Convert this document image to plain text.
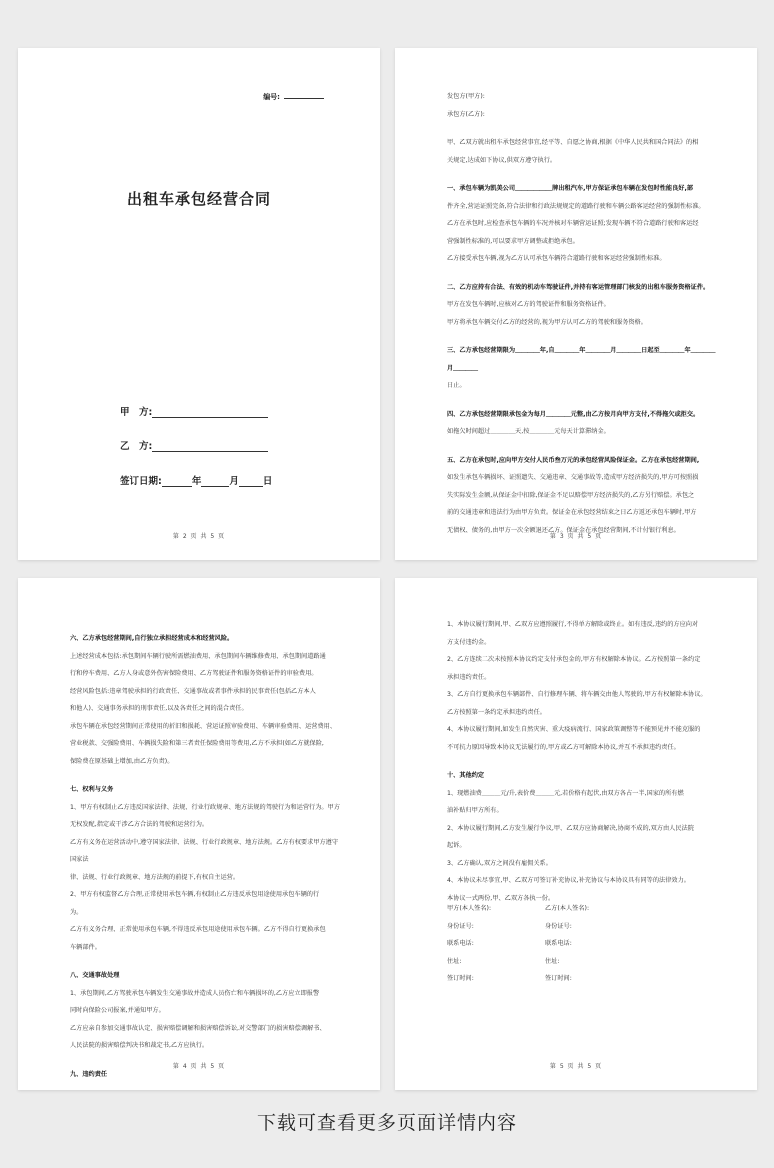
编号:
出租车承包经营合同
甲　方:
乙　方:
签订日期:	年	月	日
第 2 页 共 5 页

发包方(甲方):

承包方(乙方):

甲、乙双方就出租车承包经营事宜,经平等、自愿之协商,根据《中华人民共和国合同法》的相

关规定,达成如下协议,供双方遵守执行。

一、承包车辆为凯美公司＿＿＿＿＿＿牌出租汽车,甲方保证承包车辆在发包时性能良好,部

件齐全,营运证照完备,符合法律和行政法规规定的道路行驶和车辆公路客运经营的强制性标准。

乙方在承包时,应检查承包车辆的车况并核对车辆营运证照;发现车辆不符合道路行驶和客运经

营强制性标准的,可以要求甲方调整或拒绝承包。

乙方接受承包车辆,视为乙方认可承包车辆符合道路行驶和客运经营强制性标准。

二、乙方应持有合法、有效的机动车驾驶证件,并持有客运管理部门核发的出租车服务资格证件。

甲方在发包车辆时,应核对乙方的驾驶证件和服务资格证件。

甲方将承包车辆交付乙方的经营的,视为甲方认可乙方的驾驶和服务资格。

三、乙方承包经营期限为＿＿＿＿年,自＿＿＿＿年＿＿＿＿月＿＿＿＿日起至＿＿＿＿年＿＿＿＿月＿＿＿＿

日止。

四、乙方承包经营期限承包金为每月＿＿＿＿元整,由乙方按月向甲方支付,不得拖欠或拒交。

如拖欠时间超过＿＿＿＿天,按＿＿＿＿元每天计算滞纳金。

五、乙方在承包时,应向甲方交付人民币叁万元的承包经营风险保证金。乙方在承包经营期间,

如发生承包车辆损坏、证照遗失、交通违章、交通事故等,造成甲方经济损失的,甲方可按照损

失实际发生金额,从保证金中扣除,保证金不足以赔偿甲方经济损失的,乙方另行赔偿。承包之

前的交通违章和违法行为由甲方负责。保证金在承包经营结束之日乙方返还承包车辆时,甲方

无债权、债务的,由甲方一次全额退还乙方。保证金在承包经营期间,不计付银行利息。

第 3 页 共 5 页

六、乙方承包经营期间,自行独立承担经营成本和经营风险。

上述经营成本包括:承包期间车辆行驶所需燃油费用、承包期间车辆维修费用、承包期间道路通

行和停车费用、乙方人身或意外伤害保险费用、乙方驾驶证件和服务资格证件的审验费用。

经营风险包括:违章驾驶承担的行政责任、交通事故或者事件承担的民事责任(包括乙方本人

和他人)、交通事务承担的刑事责任,以及各责任之间的混合责任。

承包车辆在承包经营期间正常使用的折旧和损耗、营运证照审验费用、车辆审验费用、运营费用、

营业税款、交强险费用、车辆损失险和第三者责任保险费用等费用,乙方不承担(如乙方就保险,

保险费在原基础上增加,由乙方负责)。

七、权利与义务

1、甲方有权制止乙方违反国家法律、法规、行业行政规章、地方法规的驾驶行为和运营行为。甲方

无权发配,指定或干涉乙方合法的驾驶和运营行为。

乙方有义务在运营活动中,遵守国家法律、法规、行业行政规章、地方法规。乙方有权要求甲方遵守国家法

律、法规、行业行政规章、地方法规的前提下,有权自主运营。

2、甲方有权监督乙方合理,正常使用承包车辆,有权制止乙方违反承包用途使用承包车辆的行

为。

乙方有义务合理、正常使用承包车辆,不得违反承包用途使用承包车辆。乙方不得自行更换承包

车辆部件。

八、交通事故处理

1、承包期间,乙方驾驶承包车辆发生交通事故并造成人员伤亡和车辆损坏的,乙方应立即报警

同时向保险公司报案,并通知甲方。

乙方应亲自参加交通事故认定、损害赔偿调解和损害赔偿诉讼,对交警部门的损害赔偿调解书、

人民法院的损害赔偿判决书和裁定书,乙方应执行。

九、违约责任

第 4 页 共 5 页

1、本协议履行期间,甲、乙双方应遵照履行,不得单方解除或终止。如有违反,违约的方应向对

方支付违约金。

2、乙方连续二次未按照本协议约定支付承包金的,甲方有权解除本协议。乙方按照第一条约定

承担违约责任。

3、乙方自行更换承包车辆部件、自行修理车辆、将车辆交由他人驾驶的,甲方有权解除本协议。

乙方按照第一条约定承担违约责任。

4、本协议履行期间,如发生自然灾害、重大疫病流行、国家政策调整等不能预见并不能克服的

不可抗力原因导致本协议无法履行的,甲方或乙方可解除本协议,并互不承担违约责任。

十、其他约定

1、现燃油费＿＿＿元/升,表价费＿＿＿元,若价格有起伏,由双方各占一半,国家的所有燃

油补贴归甲方所有。

2、本协议履行期间,乙方发生履行争议,甲、乙双方应协商解决,协商不成的,双方由人民法院

起诉。

3、乙方确认,双方之间没有雇佣关系。

4、本协议未尽事宜,甲、乙双方可签订补充协议,补充协议与本协议具有同等的法律效力。

本协议一式两份,甲、乙双方各执一份。

甲方(本人签名):	乙方(本人签名):
身份证号:	身份证号:
联系电话:	联系电话:
住址:	住址:
签订时间:	签订时间:
第 5 页 共 5 页
下载可查看更多页面详情内容
